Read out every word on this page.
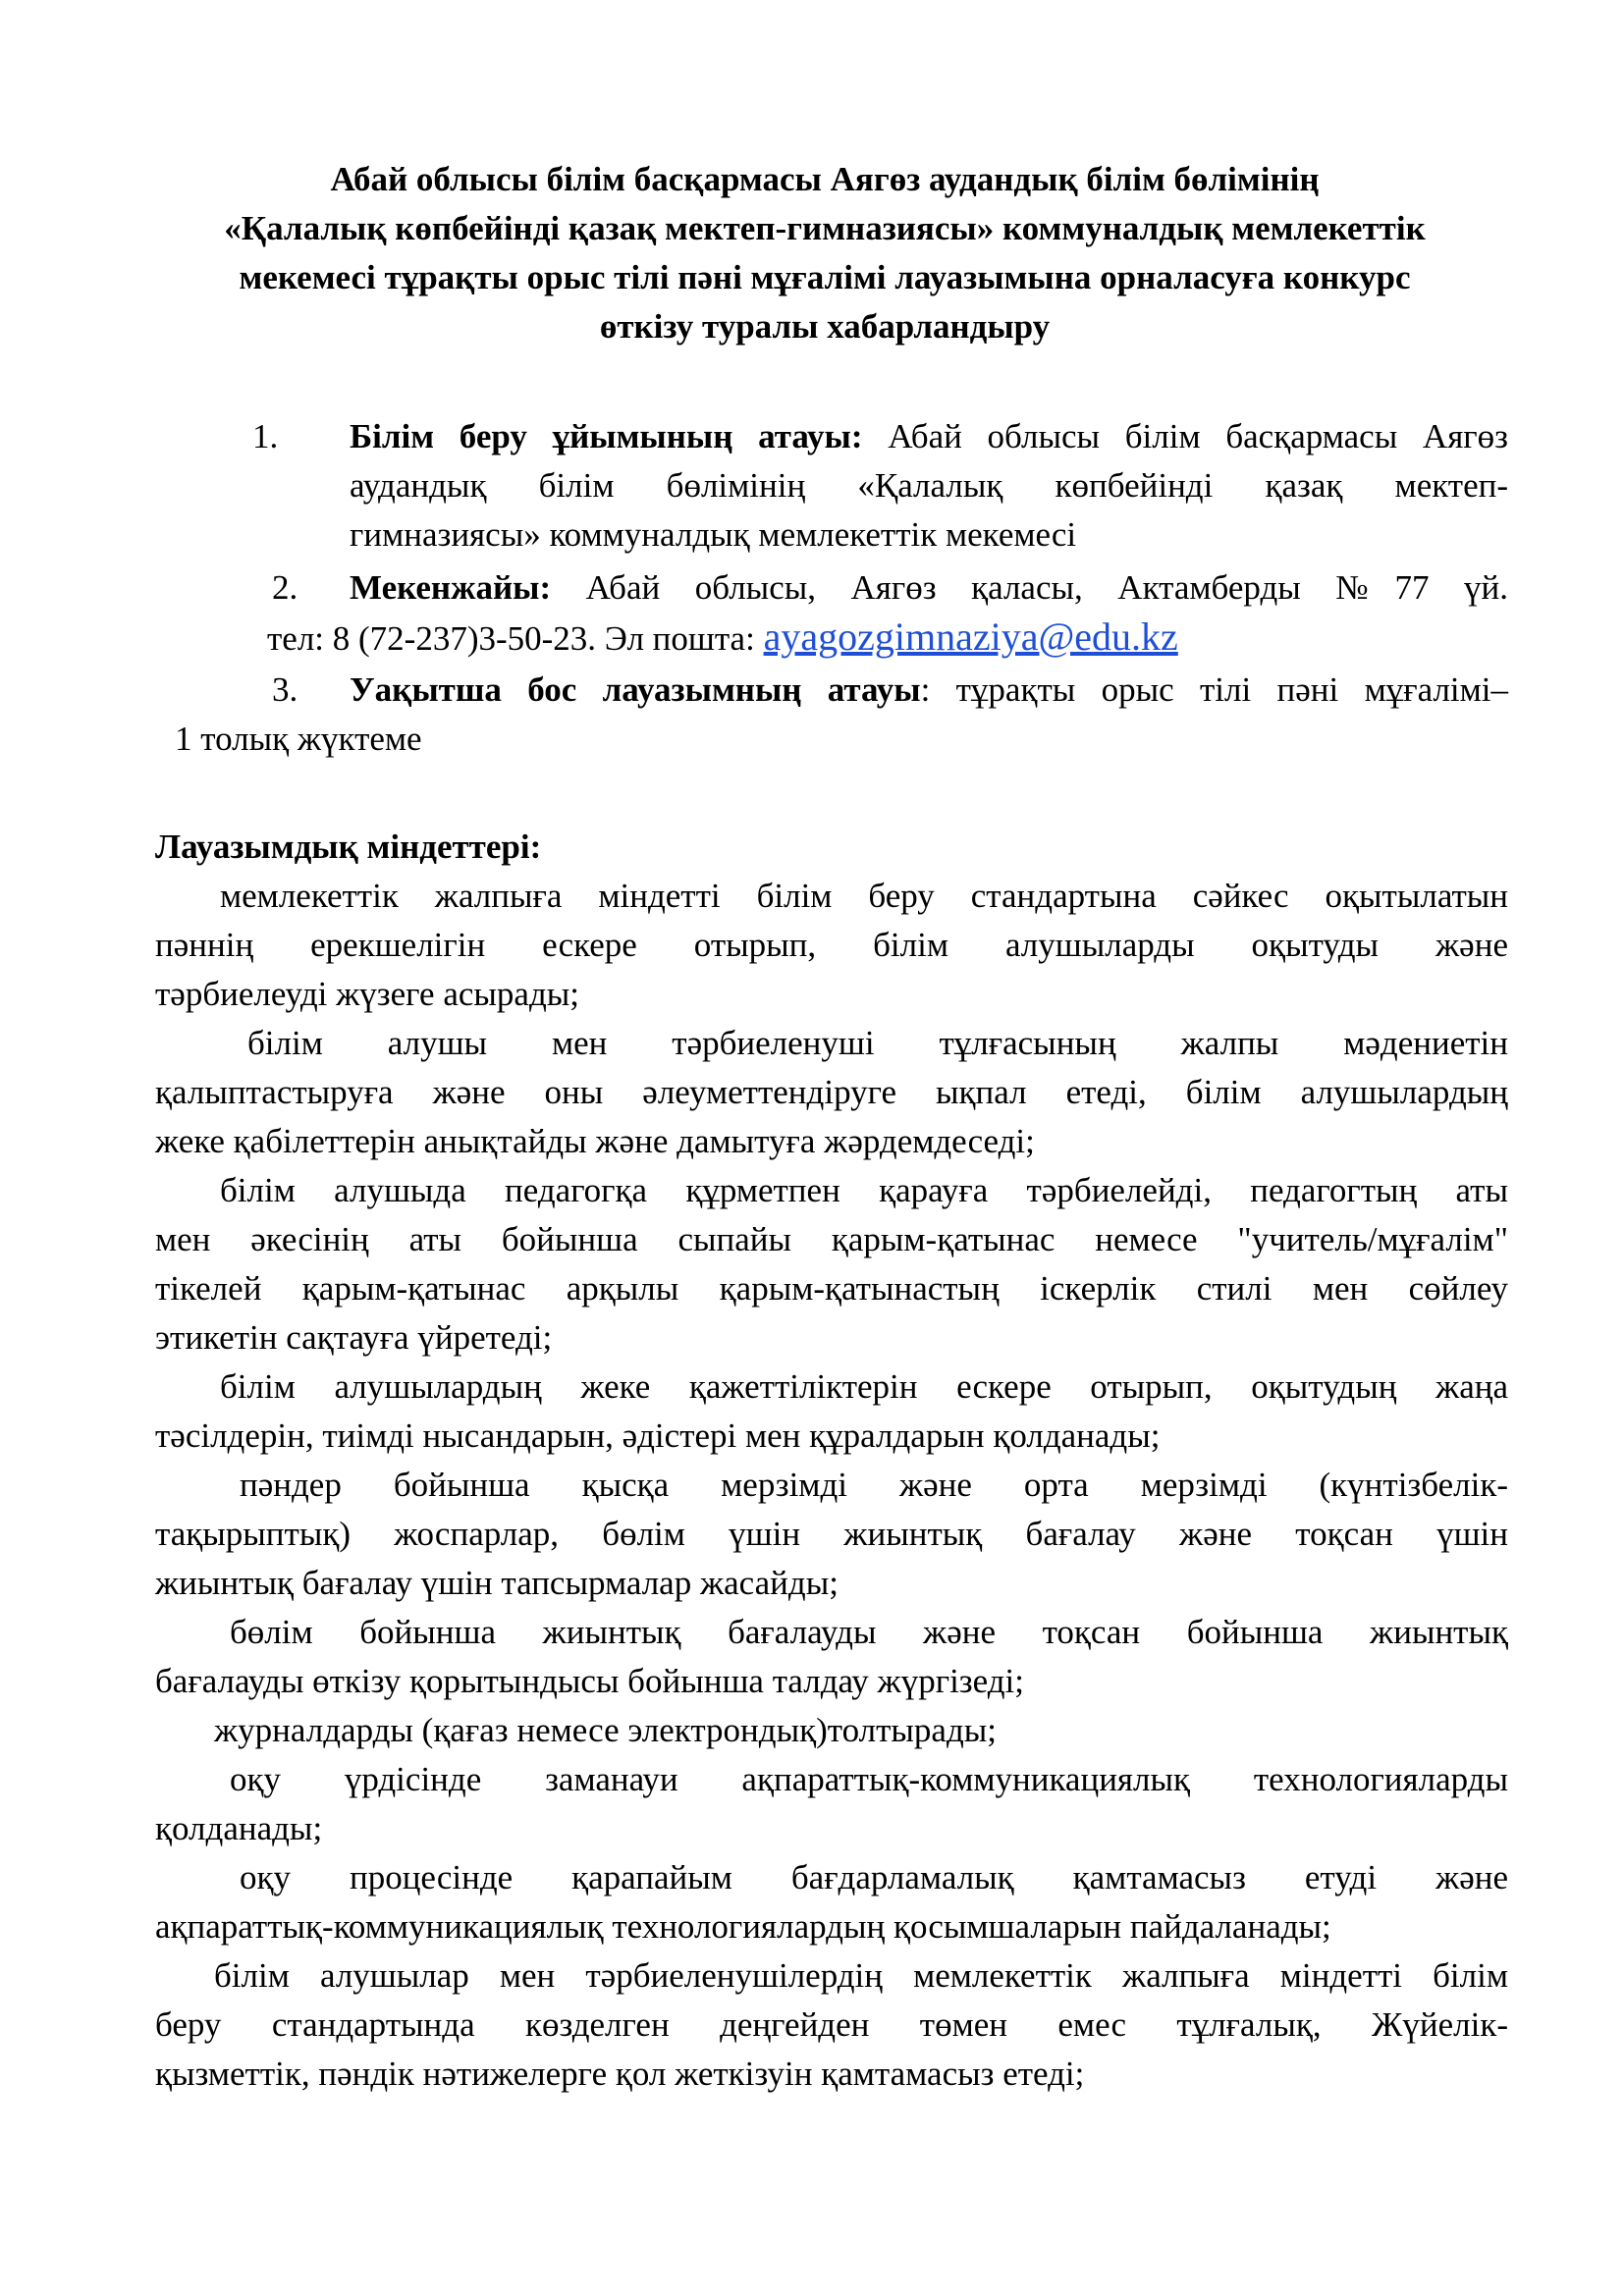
Абай облысы білім басқармасы Аягөз аудандық білім бөлімінің
«Қалалық көпбейінді қазақ мектеп-гимназиясы» коммуналдық мемлекеттік
мекемесі тұрақты орыс тілі пәні мұғалімі лауазымына орналасуға конкурс
өткізу туралы хабарландыру
1. Білім беру ұйымының атауы: Абай облысы білім басқармасы Аягөз
аудандық білім бөлімінің «Қалалық көпбейінді қазақ мектеп-
гимназиясы» коммуналдық мемлекеттік мекемесі
2. Мекенжайы: Абай облысы, Аягөз қаласы, Актамберды №77 үй.
тел: 8 (72-237)3-50-23. Эл пошта: ayagozgimnaziya@edu.kz
3. Уақытша бос лауазымның атауы: тұрақты орыс тілі пәні мұғалімі–
1 толық жүктеме
Лауазымдық міндеттері:
мемлекеттік жалпыға міндетті білім беру стандартына сәйкес оқытылатын
пәннің ерекшелігін ескере отырып, білім алушыларды оқытуды және
тәрбиелеуді жүзеге асырады;
білім алушы мен тәрбиеленуші тұлғасының жалпы мәдениетін
қалыптастыруға және оны әлеуметтендіруге ықпал етеді, білім алушылардың
жеке қабілеттерін анықтайды және дамытуға жәрдемдеседі;
білім алушыда педагогқа құрметпен қарауға тәрбиелейді, педагогтың аты
мен әкесінің аты бойынша сыпайы қарым-қатынас немесе "учитель/мұғалім"
тікелей қарым-қатынас арқылы қарым-қатынастың іскерлік стилі мен сөйлеу
этикетін сақтауға үйретеді;
білім алушылардың жеке қажеттіліктерін ескере отырып, оқытудың жаңа
тәсілдерін, тиімді нысандарын, әдістері мен құралдарын қолданады;
пәндер бойынша қысқа мерзімді және орта мерзімді (күнтізбелік-
тақырыптық) жоспарлар, бөлім үшін жиынтық бағалау және тоқсан үшін
жиынтық бағалау үшін тапсырмалар жасайды;
бөлім бойынша жиынтық бағалауды және тоқсан бойынша жиынтық
бағалауды өткізу қорытындысы бойынша талдау жүргізеді;
журналдарды (қағаз немесе электрондық)толтырады;
оқу үрдісінде заманауи ақпараттық-коммуникациялық технологияларды
қолданады;
оқу процесінде қарапайым бағдарламалық қамтамасыз етуді және
ақпараттық-коммуникациялық технологиялардың қосымшаларын пайдаланады;
білім алушылар мен тәрбиеленушілердің мемлекеттік жалпыға міндетті білім
беру стандартында көзделген деңгейден төмен емес тұлғалық, Жүйелік-
қызметтік, пәндік нәтижелерге қол жеткізуін қамтамасыз етеді;
